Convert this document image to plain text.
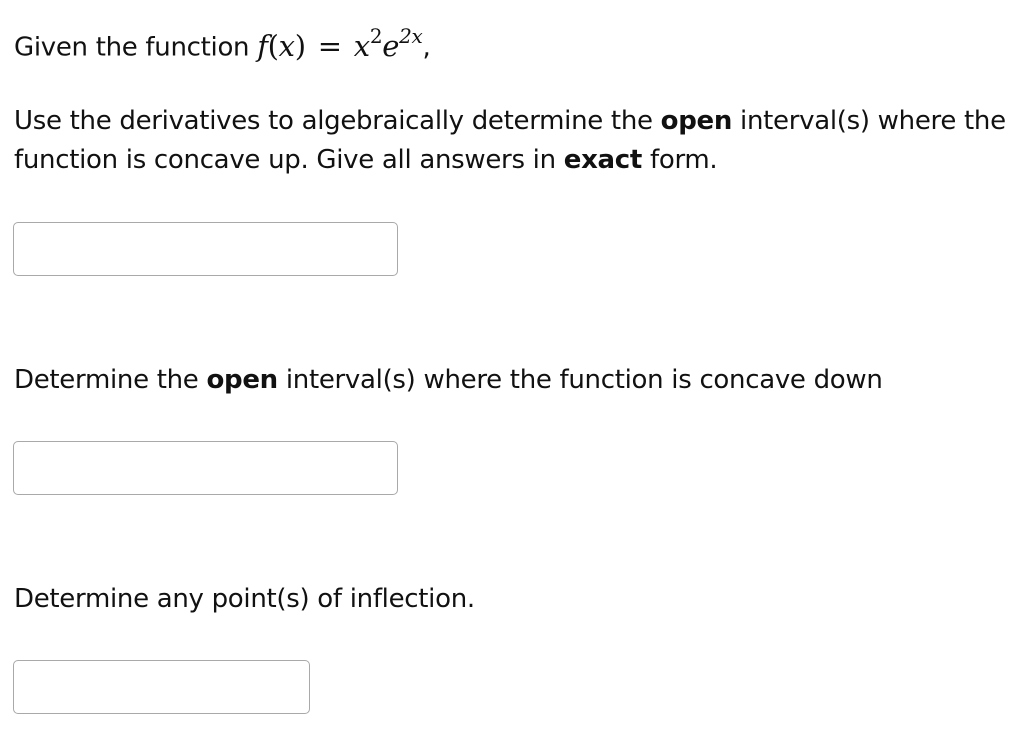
Given the function $f(x) = x^2e^{2x}$,
Use the derivatives to algebraically determine the open interval(s) where the
function is concave up. Give all answers in exact form.
Determine the open interval(s) where the function is concave down
Determine any point(s) of inflection.
